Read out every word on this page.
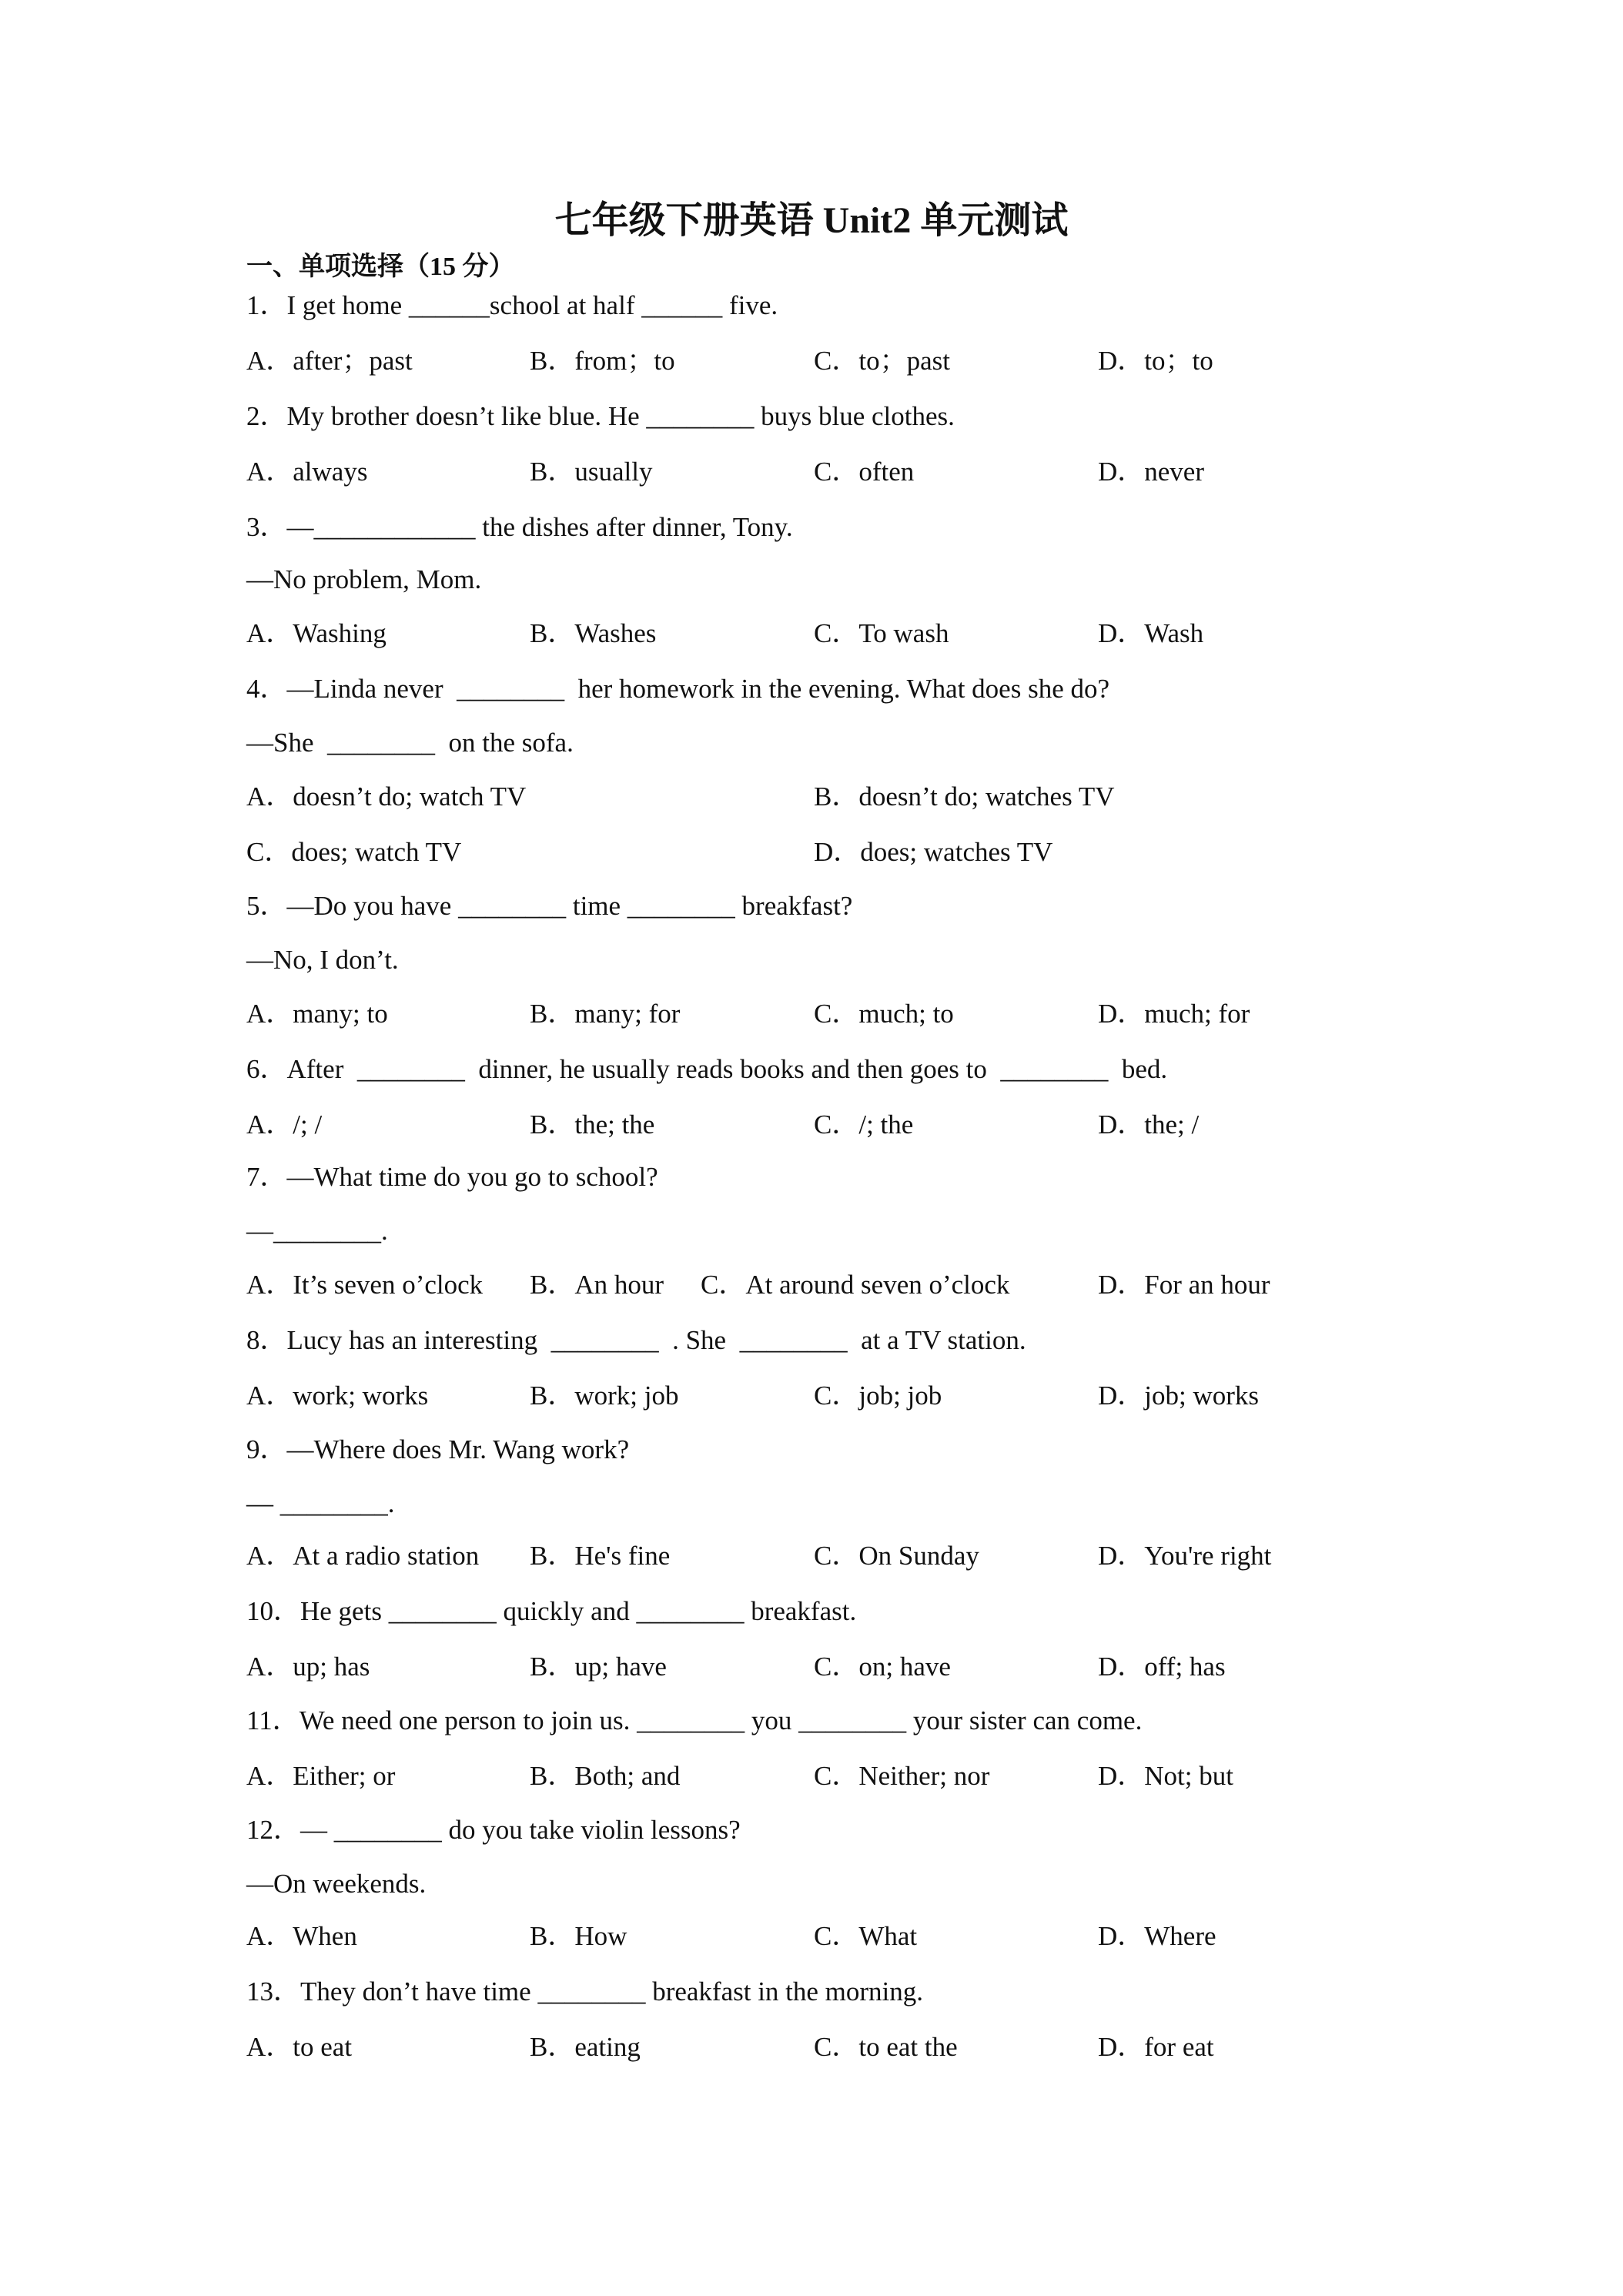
七年级下册英语 Unit2 单元测试
一、单项选择（15 分）
1．I get home ______school at half ______ five.
A．after；past	B．from；to	C．to；past	D．to；to
2．My brother doesn’t like blue. He ________ buys blue clothes.
A．always	B．usually	C．often	D．never
3．—____________ the dishes after dinner, Tony.
—No problem, Mom.
A．Washing	B．Washes	C．To wash	D．Wash
4．—Linda never  ________  her homework in the evening. What does she do?
—She  ________  on the sofa.
A．doesn’t do; watch TV	B．doesn’t do; watches TV
C．does; watch TV	D．does; watches TV
5．—Do you have ________ time ________ breakfast?
—No, I don’t.
A．many; to	B．many; for	C．much; to	D．much; for
6．After  ________  dinner, he usually reads books and then goes to  ________  bed.
A．/; /	B．the; the	C．/; the	D．the; /
7．—What time do you go to school?
—________.
A．It’s seven o’clock B．An hour C．At around seven o’clock	D．For an hour
8．Lucy has an interesting  ________  . She  ________  at a TV station.
A．work; works	B．work; job	C．job; job	D．job; works
9．—Where does Mr. Wang work?
— ________.
A．At a radio station B．He's fine	C．On Sunday	D．You're right
10．He gets ________ quickly and ________ breakfast.
A．up; has	B．up; have	C．on; have	D．off; has
11．We need one person to join us. ________ you ________ your sister can come.
A．Either; or	B．Both; and	C．Neither; nor	D．Not; but
12．— ________ do you take violin lessons?
—On weekends.
A．When	B．How	C．What	D．Where
13．They don’t have time ________ breakfast in the morning.
A．to eat	B．eating	C．to eat the	D．for eat
